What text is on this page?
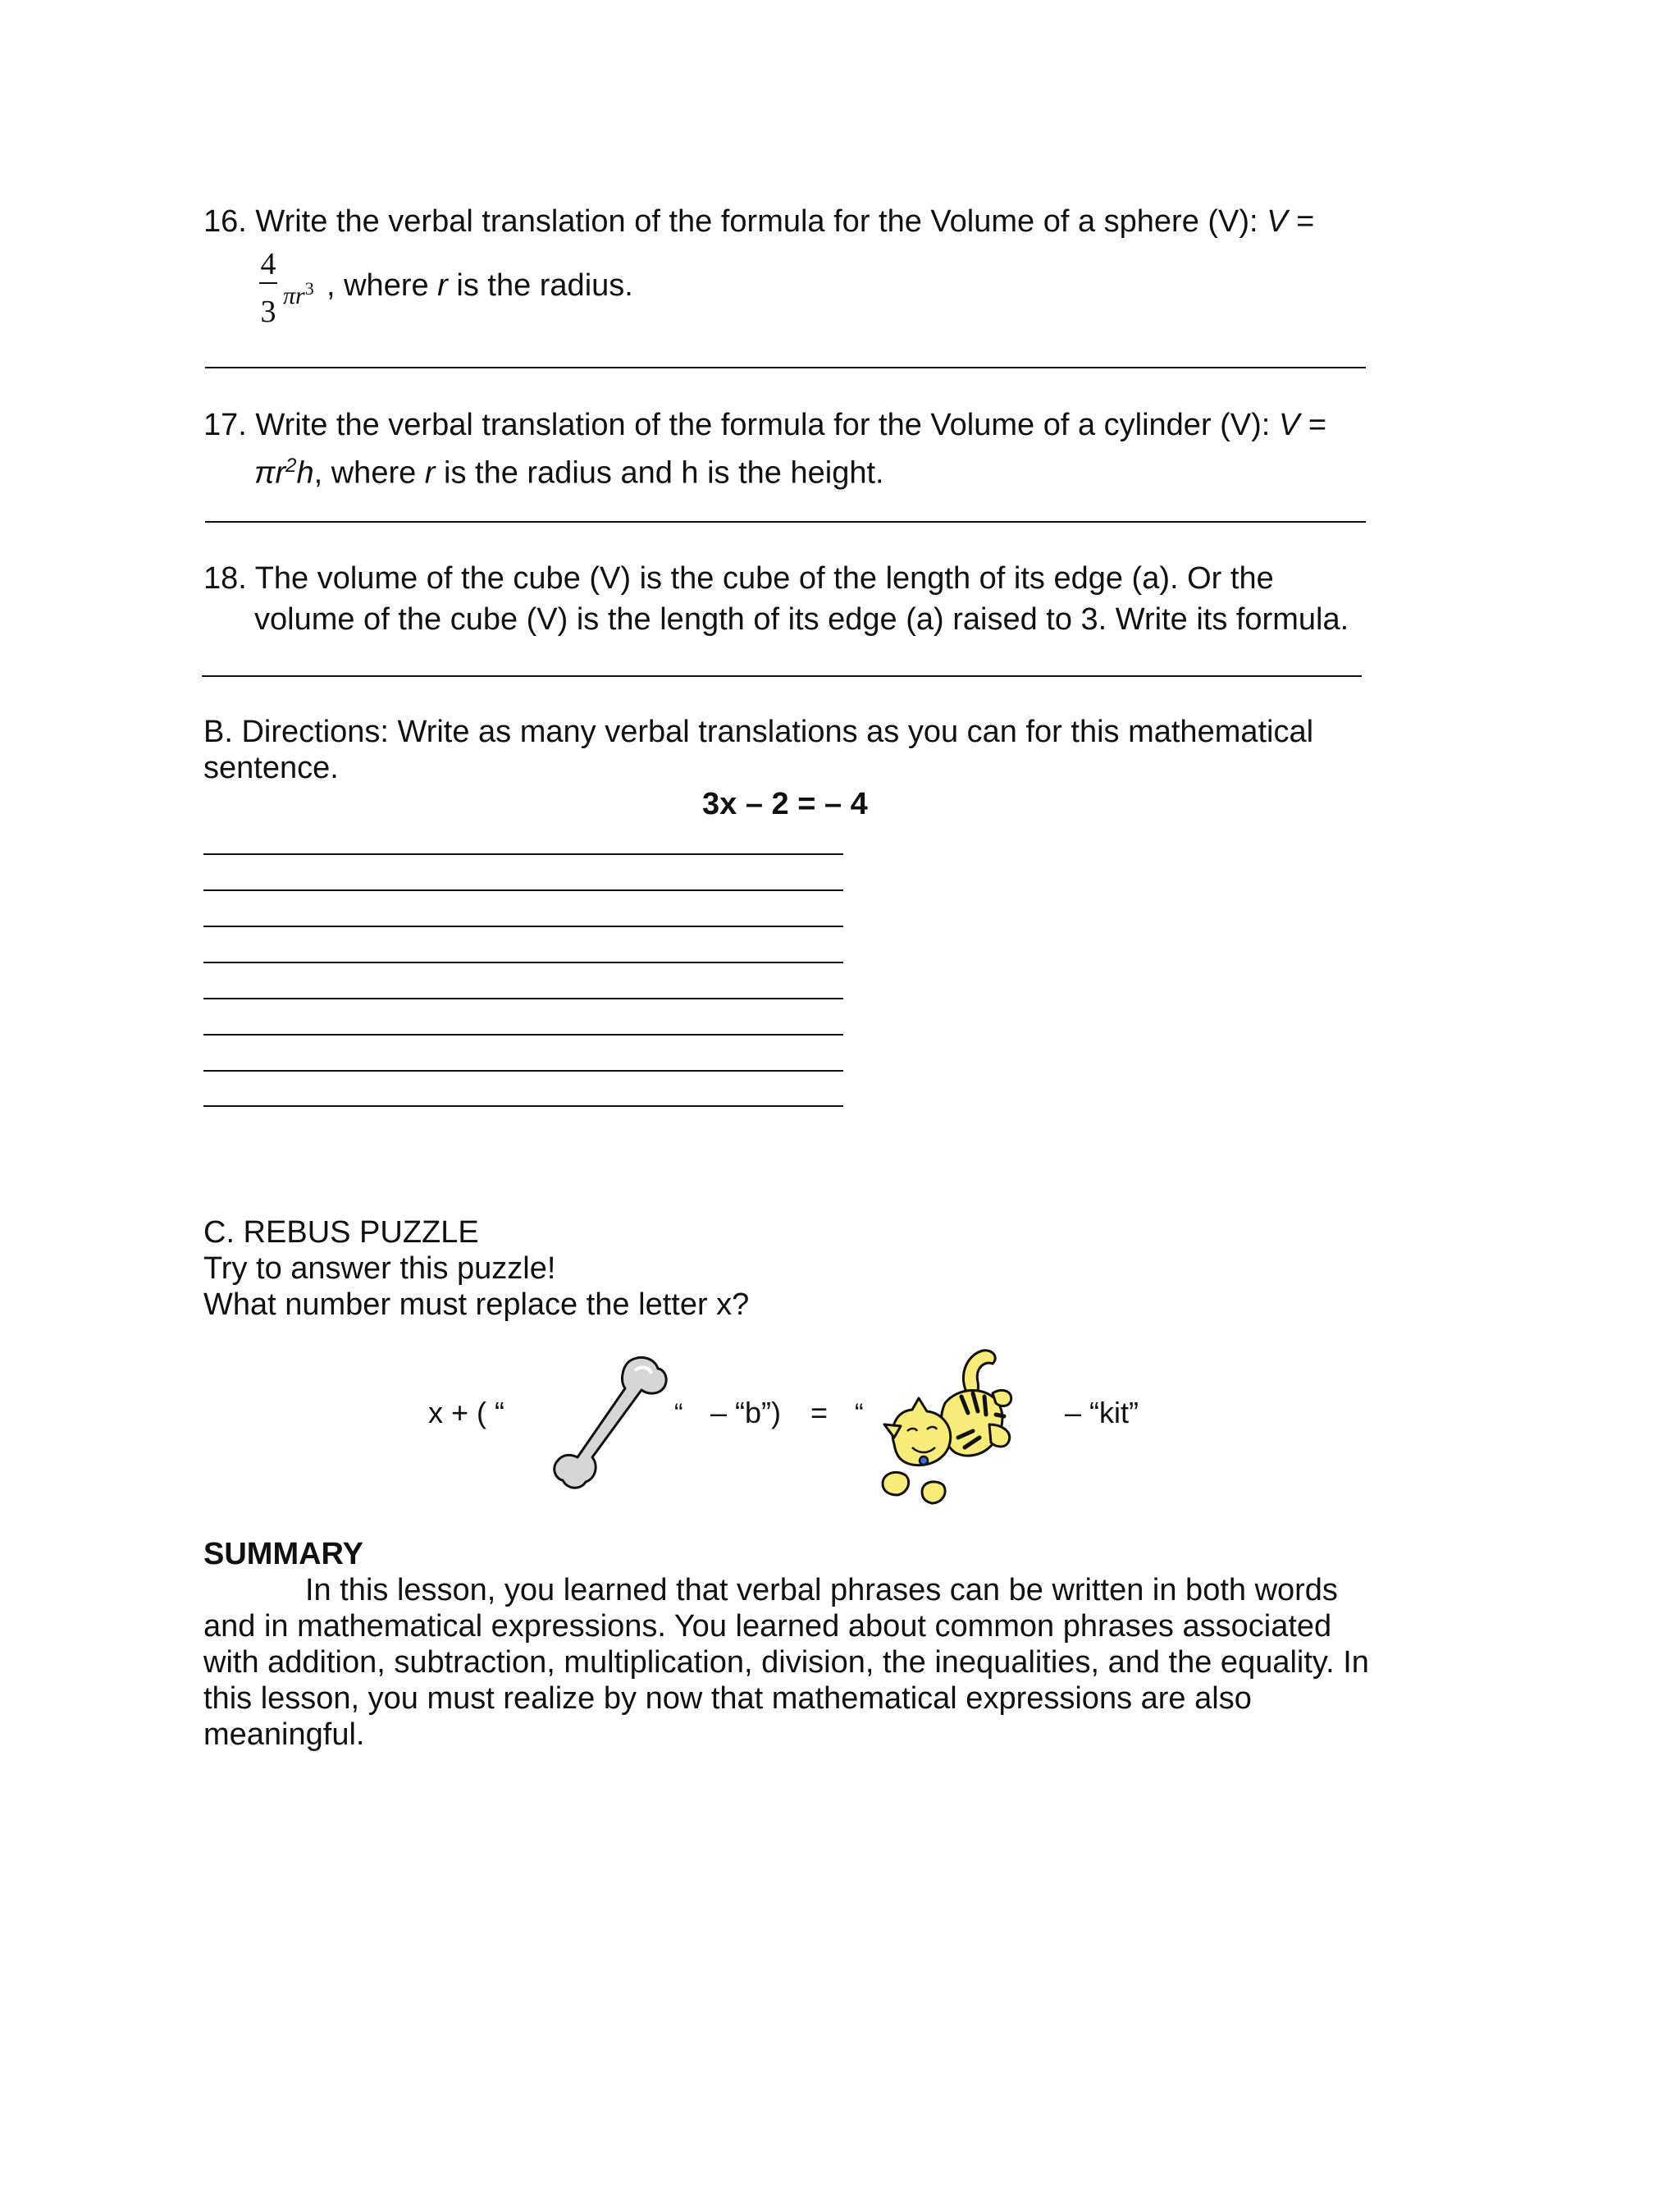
16. Write the verbal translation of the formula for the Volume of a sphere (V): V =
4
3 $\pi r^3$ , where r is the radius.
17. Write the verbal translation of the formula for the Volume of a cylinder (V): V =
$\pi r^2h$, where r is the radius and h is the height.
18. The volume of the cube (V) is the cube of the length of its edge (a). Or the
volume of the cube (V) is the length of its edge (a) raised to 3. Write its formula.
B. Directions: Write as many verbal translations as you can for this mathematical
sentence.
3x – 2 = – 4
C. REBUS PUZZLE
Try to answer this puzzle!
What number must replace the letter x?
x + ( “	“ – “b”) = “	– “kit”
SUMMARY
In this lesson, you learned that verbal phrases can be written in both words
and in mathematical expressions. You learned about common phrases associated
with addition, subtraction, multiplication, division, the inequalities, and the equality. In
this lesson, you must realize by now that mathematical expressions are also
meaningful.
